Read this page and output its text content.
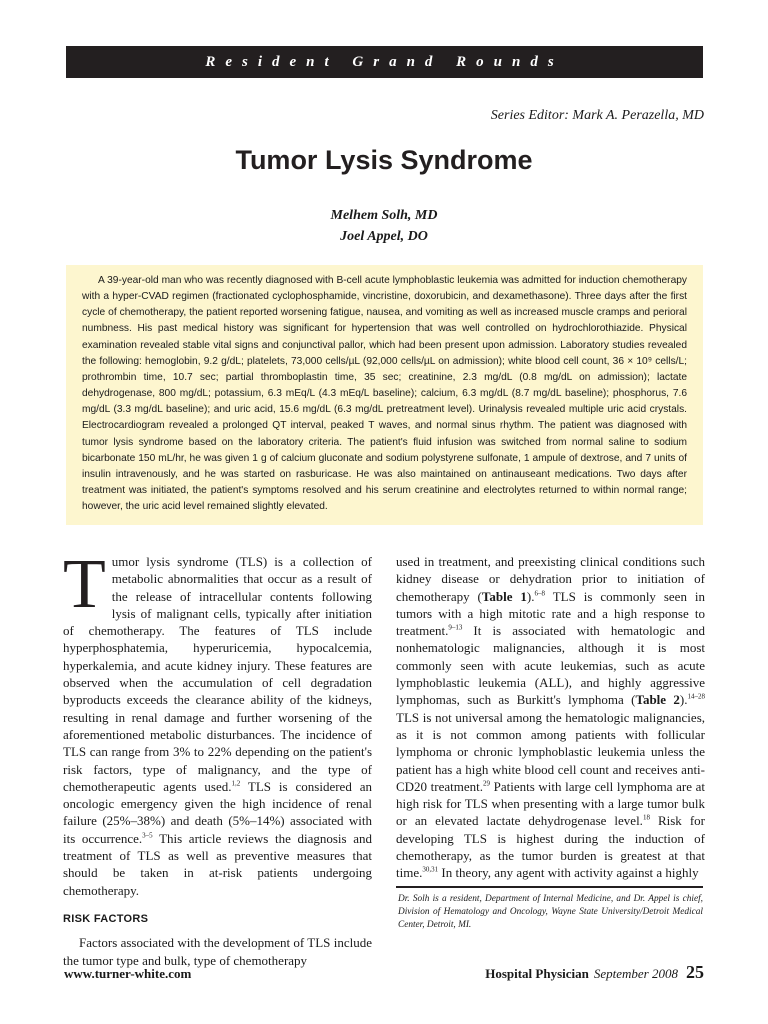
Resident Grand Rounds
Series Editor: Mark A. Perazella, MD
Tumor Lysis Syndrome
Melhem Solh, MD
Joel Appel, DO

A 39-year-old man who was recently diagnosed with B-cell acute lymphoblastic leukemia was admitted for induction chemotherapy with a hyper-CVAD regimen (fractionated cyclophosphamide, vincristine, doxorubicin, and dexamethasone). Three days after the first cycle of chemotherapy, the patient reported worsening fatigue, nausea, and vomiting as well as increased muscle cramps and perioral numbness. His past medical history was significant for hypertension that was well controlled on hydrochlorothiazide. Physical examination revealed stable vital signs and conjunctival pallor, which had been present upon admission. Laboratory studies revealed the following: hemoglobin, 9.2 g/dL; platelets, 73,000 cells/µL (92,000 cells/µL on admission); white blood cell count, 36 × 10⁹ cells/L; prothrombin time, 10.7 sec; partial thromboplastin time, 35 sec; creatinine, 2.3 mg/dL (0.8 mg/dL on admission); lactate dehydrogenase, 800 mg/dL; potassium, 6.3 mEq/L (4.3 mEq/L baseline); calcium, 6.3 mg/dL (8.7 mg/dL baseline); phosphorus, 7.6 mg/dL (3.3 mg/dL baseline); and uric acid, 15.6 mg/dL (6.3 mg/dL pretreatment level). Urinalysis revealed multiple uric acid crystals. Electrocardiogram revealed a prolonged QT interval, peaked T waves, and normal sinus rhythm. The patient was diagnosed with tumor lysis syndrome based on the laboratory criteria. The patient's fluid infusion was switched from normal saline to sodium bicarbonate 150 mL/hr, he was given 1 g of calcium gluconate and sodium polystyrene sulfonate, 1 ampule of dextrose, and 7 units of insulin intravenously, and he was started on rasburicase. He was also maintained on antinauseant medications. Two days after treatment was initiated, the patient's symptoms resolved and his serum creatinine and electrolytes returned to within normal range; however, the uric acid level remained slightly elevated.

Tumor lysis syndrome (TLS) is a collection of metabolic abnormalities that occur as a result of the release of intracellular contents following lysis of malignant cells, typically after initiation of chemotherapy. The features of TLS include hyperphosphatemia, hyperuricemia, hypocalcemia, hyperkalemia, and acute kidney injury. These features are observed when the accumulation of cell degradation byproducts exceeds the clearance ability of the kidneys, resulting in renal damage and further worsening of the aforementioned metabolic disturbances. The incidence of TLS can range from 3% to 22% depending on the patient's risk factors, type of malignancy, and the type of chemotherapeutic agents used.$^{1,2}$ TLS is considered an oncologic emergency given the high incidence of renal failure (25%–38%) and death (5%–14%) associated with its occurrence.$^{3-5}$ This article reviews the diagnosis and treatment of TLS as well as preventive measures that should be taken in at-risk patients undergoing chemotherapy.

RISK FACTORS

Factors associated with the development of TLS include the tumor type and bulk, type of chemotherapy

used in treatment, and preexisting clinical conditions such kidney disease or dehydration prior to initiation of chemotherapy (Table 1).$^{6-8}$ TLS is commonly seen in tumors with a high mitotic rate and a high response to treatment.$^{9-13}$ It is associated with hematologic and nonhematologic malignancies, although it is most commonly seen with acute leukemias, such as acute lymphoblastic leukemia (ALL), and highly aggressive lymphomas, such as Burkitt's lymphoma (Table 2).$^{14-28}$ TLS is not universal among the hematologic malignancies, as it is not common among patients with follicular lymphoma or chronic lymphoblastic leukemia unless the patient has a high white blood cell count and receives anti-CD20 treatment.$^{29}$ Patients with large cell lymphoma are at high risk for TLS when presenting with a large tumor bulk or an elevated lactate dehydrogenase level.$^{18}$ Risk for developing TLS is highest during the induction of chemotherapy, as the tumor burden is greatest at that time.$^{30,31}$ In theory, any agent with activity against a highly

Dr. Solh is a resident, Department of Internal Medicine, and Dr. Appel is chief, Division of Hematology and Oncology, Wayne State University/Detroit Medical Center, Detroit, MI.
www.turner-white.com	Hospital Physician September 2008 25
